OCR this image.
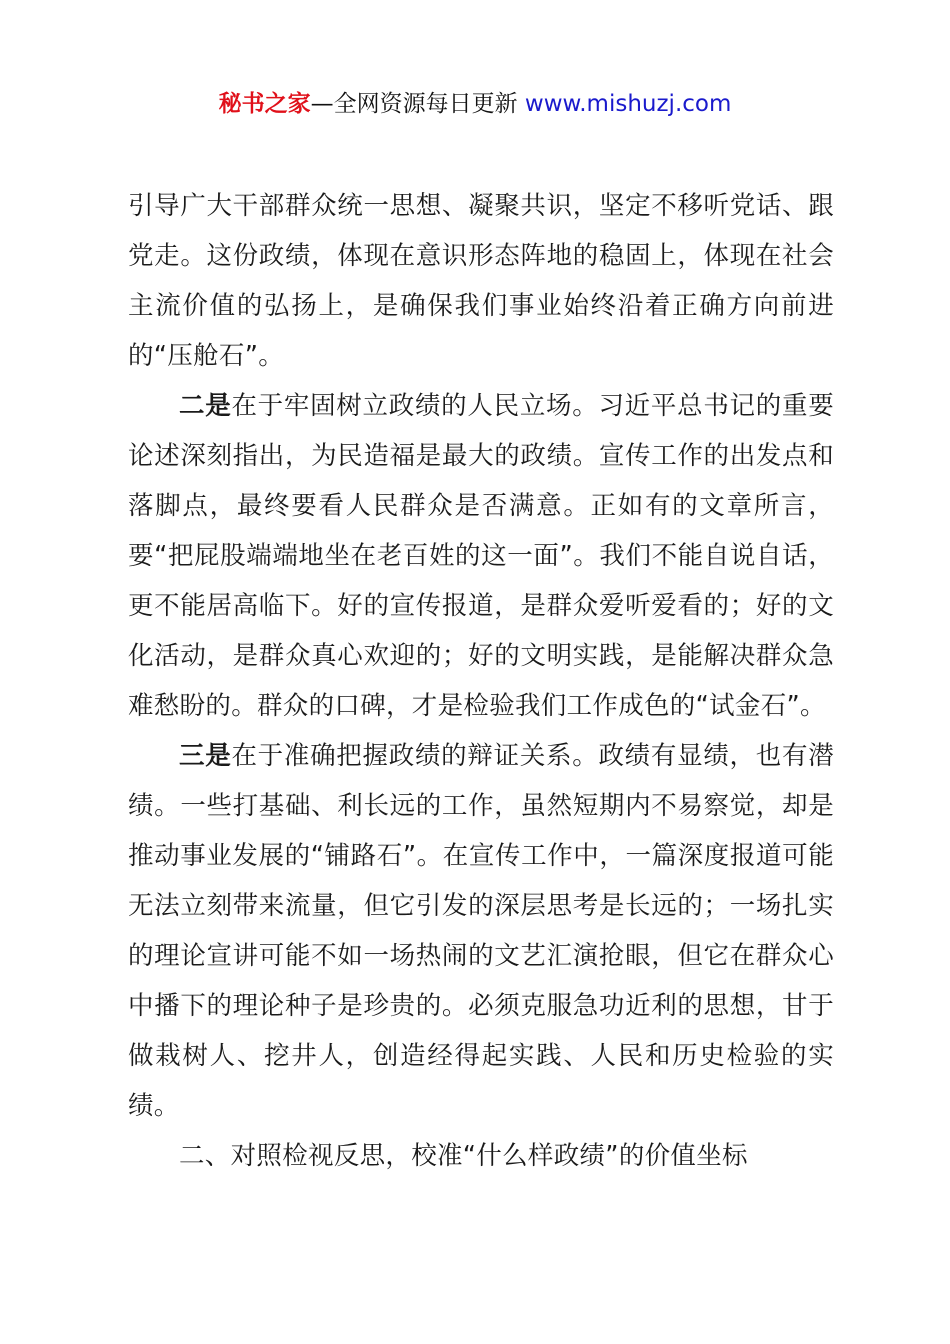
秘书之家—全网资源每日更新 www.mishuzj.com

引导广大干部群众统一思想、凝聚共识，坚定不移听党话、跟党走。这份政绩，体现在意识形态阵地的稳固上，体现在社会主流价值的弘扬上，是确保我们事业始终沿着正确方向前进的“压舱石”。

二是在于牢固树立政绩的人民立场。习近平总书记的重要论述深刻指出，为民造福是最大的政绩。宣传工作的出发点和落脚点，最终要看人民群众是否满意。正如有的文章所言，要“把屁股端端地坐在老百姓的这一面”。我们不能自说自话，更不能居高临下。好的宣传报道，是群众爱听爱看的；好的文化活动，是群众真心欢迎的；好的文明实践，是能解决群众急难愁盼的。群众的口碑，才是检验我们工作成色的“试金石”。

三是在于准确把握政绩的辩证关系。政绩有显绩，也有潜绩。一些打基础、利长远的工作，虽然短期内不易察觉，却是推动事业发展的“铺路石”。在宣传工作中，一篇深度报道可能无法立刻带来流量，但它引发的深层思考是长远的；一场扎实的理论宣讲可能不如一场热闹的文艺汇演抢眼，但它在群众心中播下的理论种子是珍贵的。必须克服急功近利的思想，甘于做栽树人、挖井人，创造经得起实践、人民和历史检验的实绩。

二、对照检视反思，校准“什么样政绩”的价值坐标
